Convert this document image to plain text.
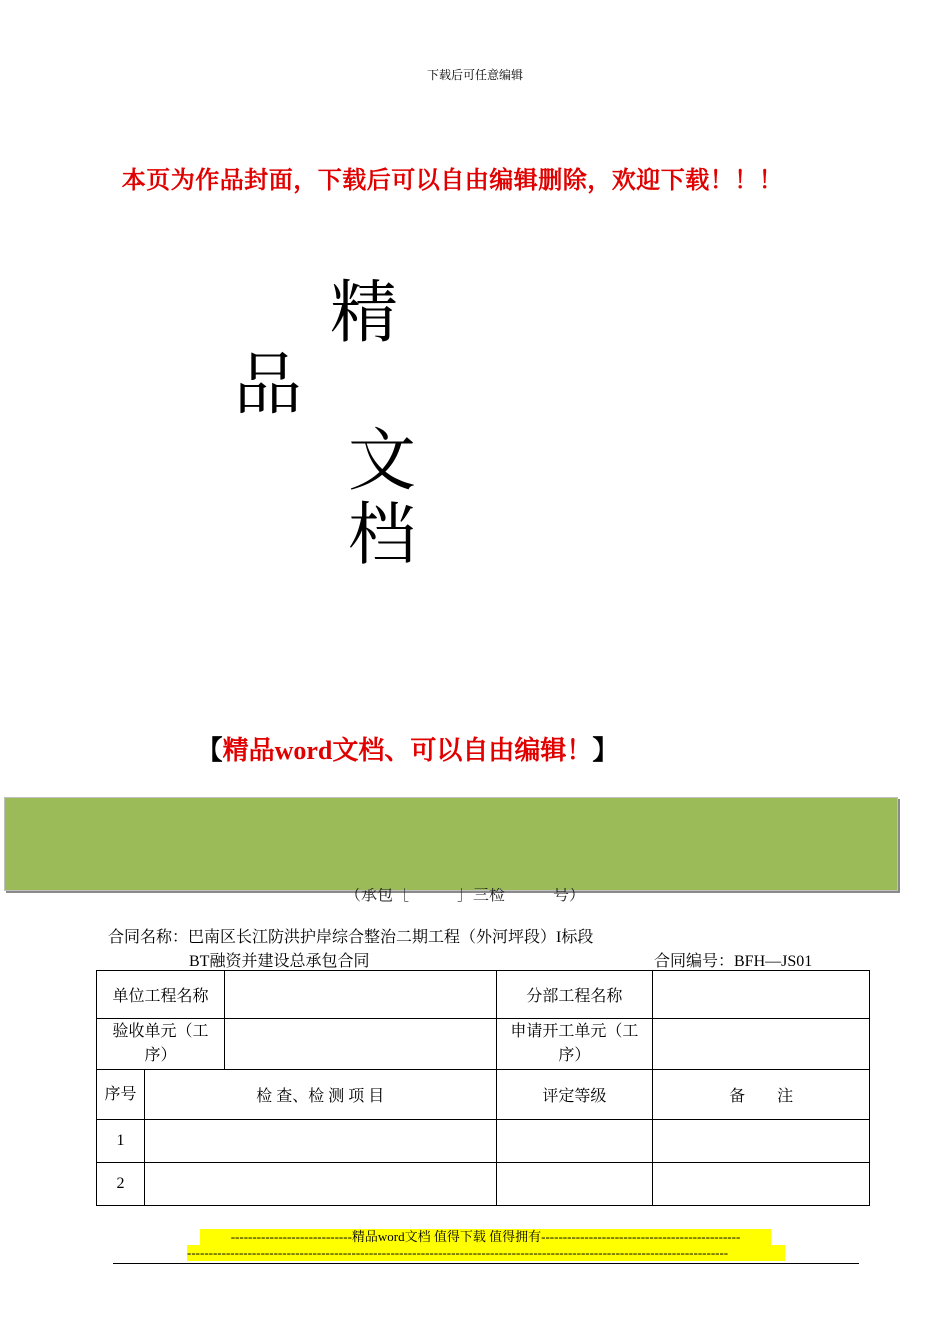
下载后可任意编辑
本页为作品封面，下载后可以自由编辑删除，欢迎下载！！！
精
品
文
档
【精品word文档、可以自由编辑！】
（承包［　　　］三检　　　号）
合同名称：巴南区长江防洪护岸综合整治二期工程（外河坪段）I标段
BT融资并建设总承包合同	合同编号：BFH—JS01
单位工程名称			分部工程名称	
验收单元（工序）			申请开工单元（工序）	
序号	检 查、检 测 项 目		评定等级	备　　注
1				
2				
----------------------------精品word文档 值得下载 值得拥有----------------------------------------------
-----------------------------------------------------------------------------------------------------------------------------
